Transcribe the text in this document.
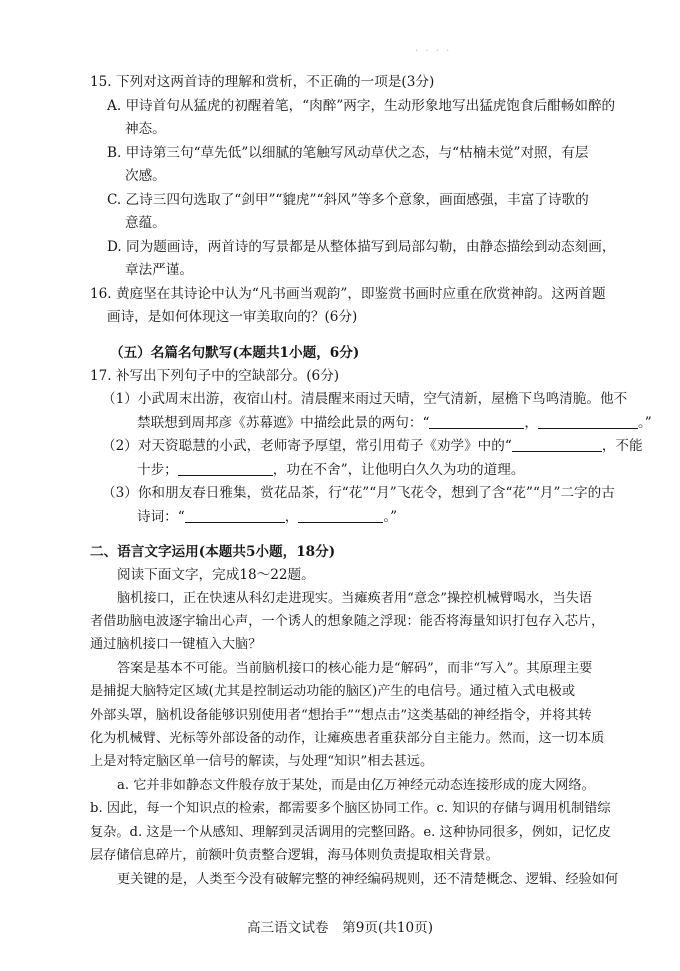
· · · ·
15. 下列对这两首诗的理解和赏析，不正确的一项是(3分)
A. 甲诗首句从猛虎的初醒着笔，“肉醉”两字，生动形象地写出猛虎饱食后酣畅如醉的
神态。
B. 甲诗第三句“草先低”以细腻的笔触写风动草伏之态，与“枯楠未觉”对照，有层
次感。
C. 乙诗三四句选取了“剑甲”“貔虎”“斜风”等多个意象，画面感强，丰富了诗歌的
意蕴。
D. 同为题画诗，两首诗的写景都是从整体描写到局部勾勒，由静态描绘到动态刻画，
章法严谨。
16. 黄庭坚在其诗论中认为“凡书画当观韵”，即鉴赏书画时应重在欣赏神韵。这两首题
画诗，是如何体现这一审美取向的？(6分)
（五）名篇名句默写(本题共1小题，6分)
17. 补写出下列句子中的空缺部分。(6分)
（1）小武周末出游，夜宿山村。清晨醒来雨过天晴，空气清新，屋檐下鸟鸣清脆。他不
禁联想到周邦彦《苏幕遮》中描绘此景的两句：“	，	。”
（2）对天资聪慧的小武，老师寄予厚望，常引用荀子《劝学》中的“	，不能
十步；	，功在不舍”，让他明白久久为功的道理。
（3）你和朋友春日雅集，赏花品茶，行“花”“月”飞花令，想到了含“花”“月”二字的古
诗词：“	，	。”
二、语言文字运用(本题共5小题，18分)
阅读下面文字，完成18～22题。
脑机接口，正在快速从科幻走进现实。当瘫痪者用“意念”操控机械臂喝水，当失语
者借助脑电波逐字输出心声，一个诱人的想象随之浮现：能否将海量知识打包存入芯片，
通过脑机接口一键植入大脑？
答案是基本不可能。当前脑机接口的核心能力是“解码”，而非“写入”。其原理主要
是捕捉大脑特定区域(尤其是控制运动功能的脑区)产生的电信号。通过植入式电极或
外部头罩，脑机设备能够识别使用者“想抬手”“想点击”这类基础的神经指令，并将其转
化为机械臂、光标等外部设备的动作，让瘫痪患者重获部分自主能力。然而，这一切本质
上是对特定脑区单一信号的解读，与处理“知识”相去甚远。
a. 它并非如静态文件般存放于某处，而是由亿万神经元动态连接形成的庞大网络。
b. 因此，每一个知识点的检索，都需要多个脑区协同工作。c. 知识的存储与调用机制错综
复杂。d. 这是一个从感知、理解到灵活调用的完整回路。e. 这种协同很多，例如，记忆皮
层存储信息碎片，前额叶负责整合逻辑，海马体则负责提取相关背景。
更关键的是，人类至今没有破解完整的神经编码规则，还不清楚概念、逻辑、经验如何
高三语文试卷　第9页(共10页)
